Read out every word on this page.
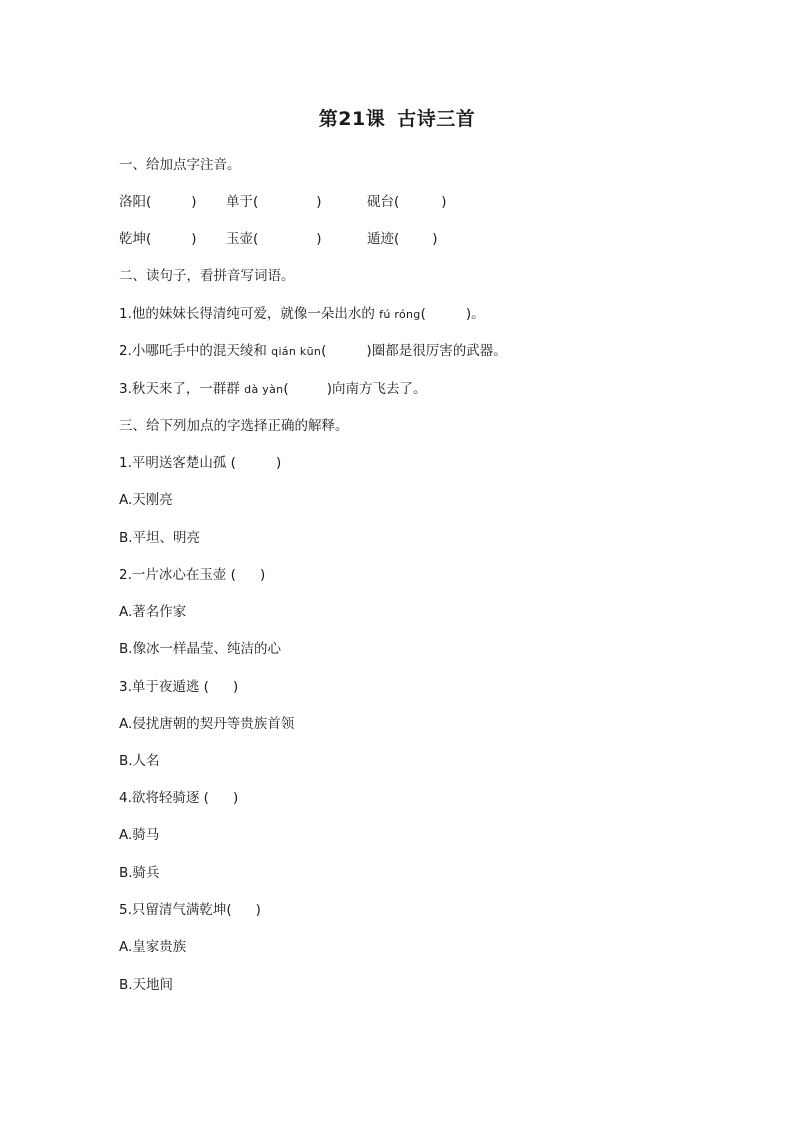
第21课 古诗三首
一、给加点字注音。
洛阳(	) 单于(	)	砚台(	)
乾坤(	) 玉壶(	)	遁迹( )
二、读句子，看拼音写词语。
1.他的妹妹长得清纯可爱，就像一朵出水的 fú róng(	)。
2.小哪吒手中的混天绫和 qián kūn(	)圈都是很厉害的武器。
3.秋天来了，一群群 dà yàn(	)向南方飞去了。
三、给下列加点的字选择正确的解释。
1.平明送客楚山孤 (	)
A.天刚亮
B.平坦、明亮
2.一片冰心在玉壶 ( )
A.著名作家
B.像冰一样晶莹、纯洁的心
3.单于夜遁逃 ( )
A.侵扰唐朝的契丹等贵族首领
B.人名
4.欲将轻骑逐 ( )
A.骑马
B.骑兵
5.只留清气满乾坤( )
A.皇家贵族
B.天地间
